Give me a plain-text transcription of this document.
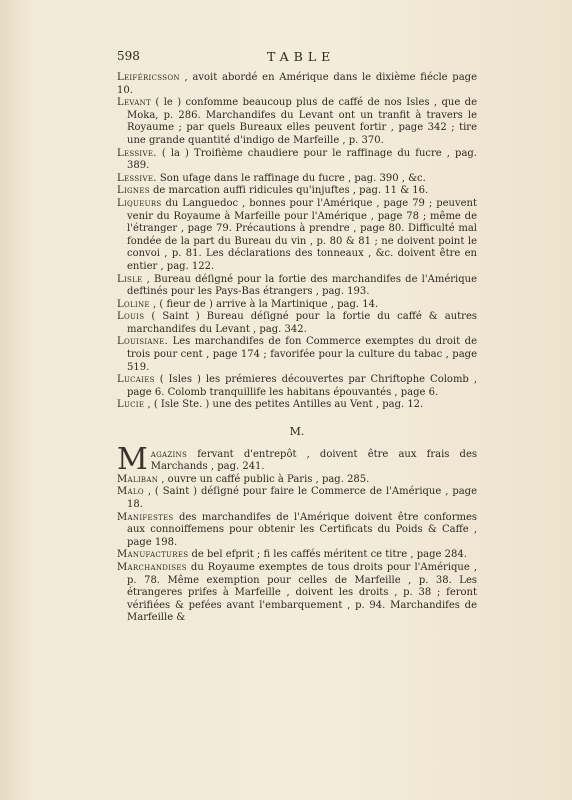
598	TABLE

Leiféricsson , avoit abordé en Amérique dans le dixième fiécle page 10.

Levant ( le ) confomme beaucoup plus de caffé de nos Isles , que de Moka, p. 286. Marchandifes du Levant ont un tranfit à travers le Royaume ; par quels Bureaux elles peuvent fortir , page 342 ; tire une grande quantité d'indigo de Marfeille , p. 370.

Lessive. ( la ) Troifième chaudiere pour le raffinage du fucre , pag. 389.

Lessive. Son ufage dans le raffinage du fucre , pag. 390 , &c.

Lignes de marcation auffi ridicules qu'injuftes , pag. 11 & 16.

Liqueurs du Languedoc , bonnes pour l'Amérique , page 79 ; peuvent venir du Royaume à Marfeille pour l'Amérique , page 78 ; même de l'étranger , page 79. Précautions à prendre , page 80. Difficulté mal fondée de la part du Bureau du vin , p. 80 & 81 ; ne doivent point le convoi , p. 81. Les déclarations des tonneaux , &c. doivent être en entier , pag. 122.

Lisle , Bureau déſigné pour la fortie des marchandifes de l'Amérique deftinés pour les Pays-Bas étrangers , pag. 193.

Loline , ( fieur de ) arrive à la Martinique , pag. 14.

Louis ( Saint ) Bureau déſigné pour la fortie du caffé & autres marchandifes du Levant , pag. 342.

Louisiane. Les marchandifes de fon Commerce exemptes du droit de trois pour cent , page 174 ; favorifée pour la culture du tabac , page 519.

Lucaies ( Isles ) les prémieres découvertes par Chriftophe Colomb , page 6. Colomb tranquillife les habitans épouvantés , page 6.

Lucie , ( Isle Ste. ) une des petites Antilles au Vent , pag. 12.

M.

Magazins fervant d'entrepôt , doivent être aux frais des Marchands , pag. 241.

Maliban , ouvre un caffé public à Paris , pag. 285.

Malo , ( Saint ) déſigné pour faire le Commerce de l'Amérique , page 18.

Manifestes des marchandifes de l'Amérique doivent être conformes aux connoiffemens pour obtenir les Certificats du Poids & Caffe , page 198.

Manufactures de bel efprit ; fi les caffés méritent ce titre , page 284.

Marchandises du Royaume exemptes de tous droits pour l'Amérique , p. 78. Même exemption pour celles de Marfeille , p. 38. Les étrangeres prifes à Marfeille , doivent les droits , p. 38 ; feront vérifiées & pefées avant l'embarquement , p. 94. Marchandifes de Marfeille &
